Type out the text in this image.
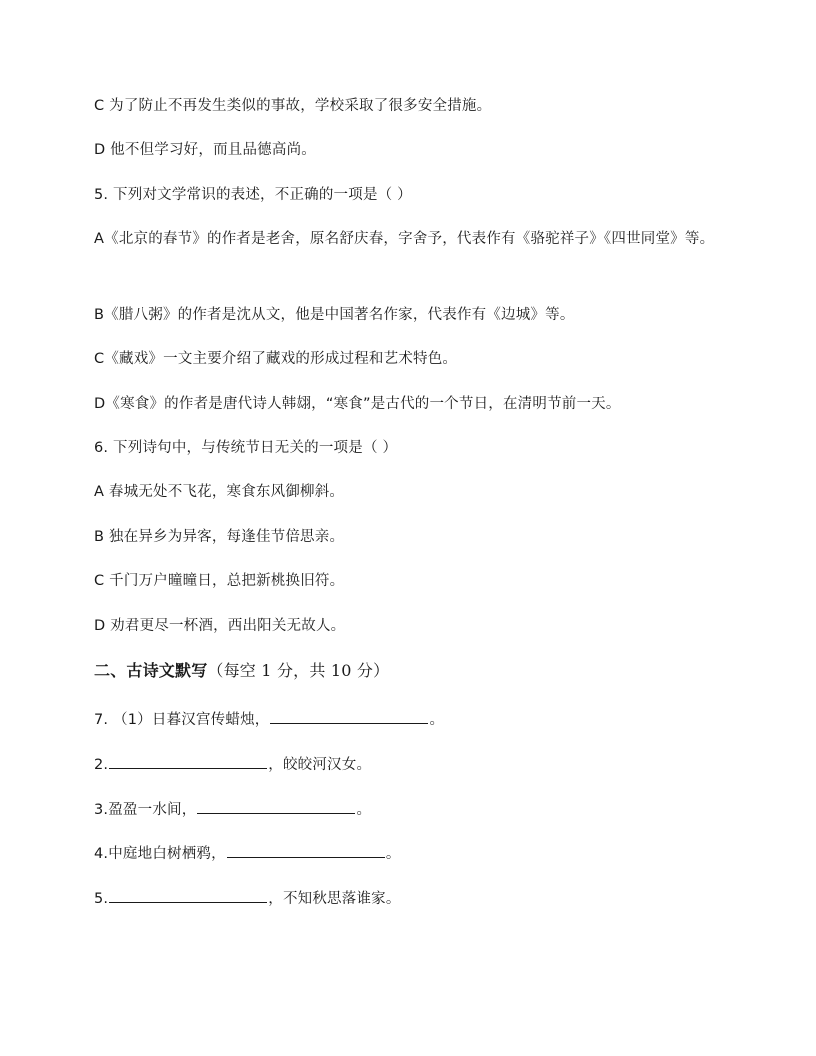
C 为了防止不再发生类似的事故，学校采取了很多安全措施。
D 他不但学习好，而且品德高尚。
5. 下列对文学常识的表述，不正确的一项是（ ）
A《北京的春节》的作者是老舍，原名舒庆春，字舍予，代表作有《骆驼祥子》《四世同堂》等。
B《腊八粥》的作者是沈从文，他是中国著名作家，代表作有《边城》等。
C《藏戏》一文主要介绍了藏戏的形成过程和艺术特色。
D《寒食》的作者是唐代诗人韩翃，“寒食”是古代的一个节日，在清明节前一天。
6. 下列诗句中，与传统节日无关的一项是（ ）
A 春城无处不飞花，寒食东风御柳斜。
B 独在异乡为异客，每逢佳节倍思亲。
C 千门万户曈曈日，总把新桃换旧符。
D 劝君更尽一杯酒，西出阳关无故人。
二、古诗文默写（每空 1 分，共 10 分）
7. （1）日暮汉宫传蜡烛，	。
2.	，皎皎河汉女。
3.盈盈一水间，	。
4.中庭地白树栖鸦，	。
5.	，不知秋思落谁家。
